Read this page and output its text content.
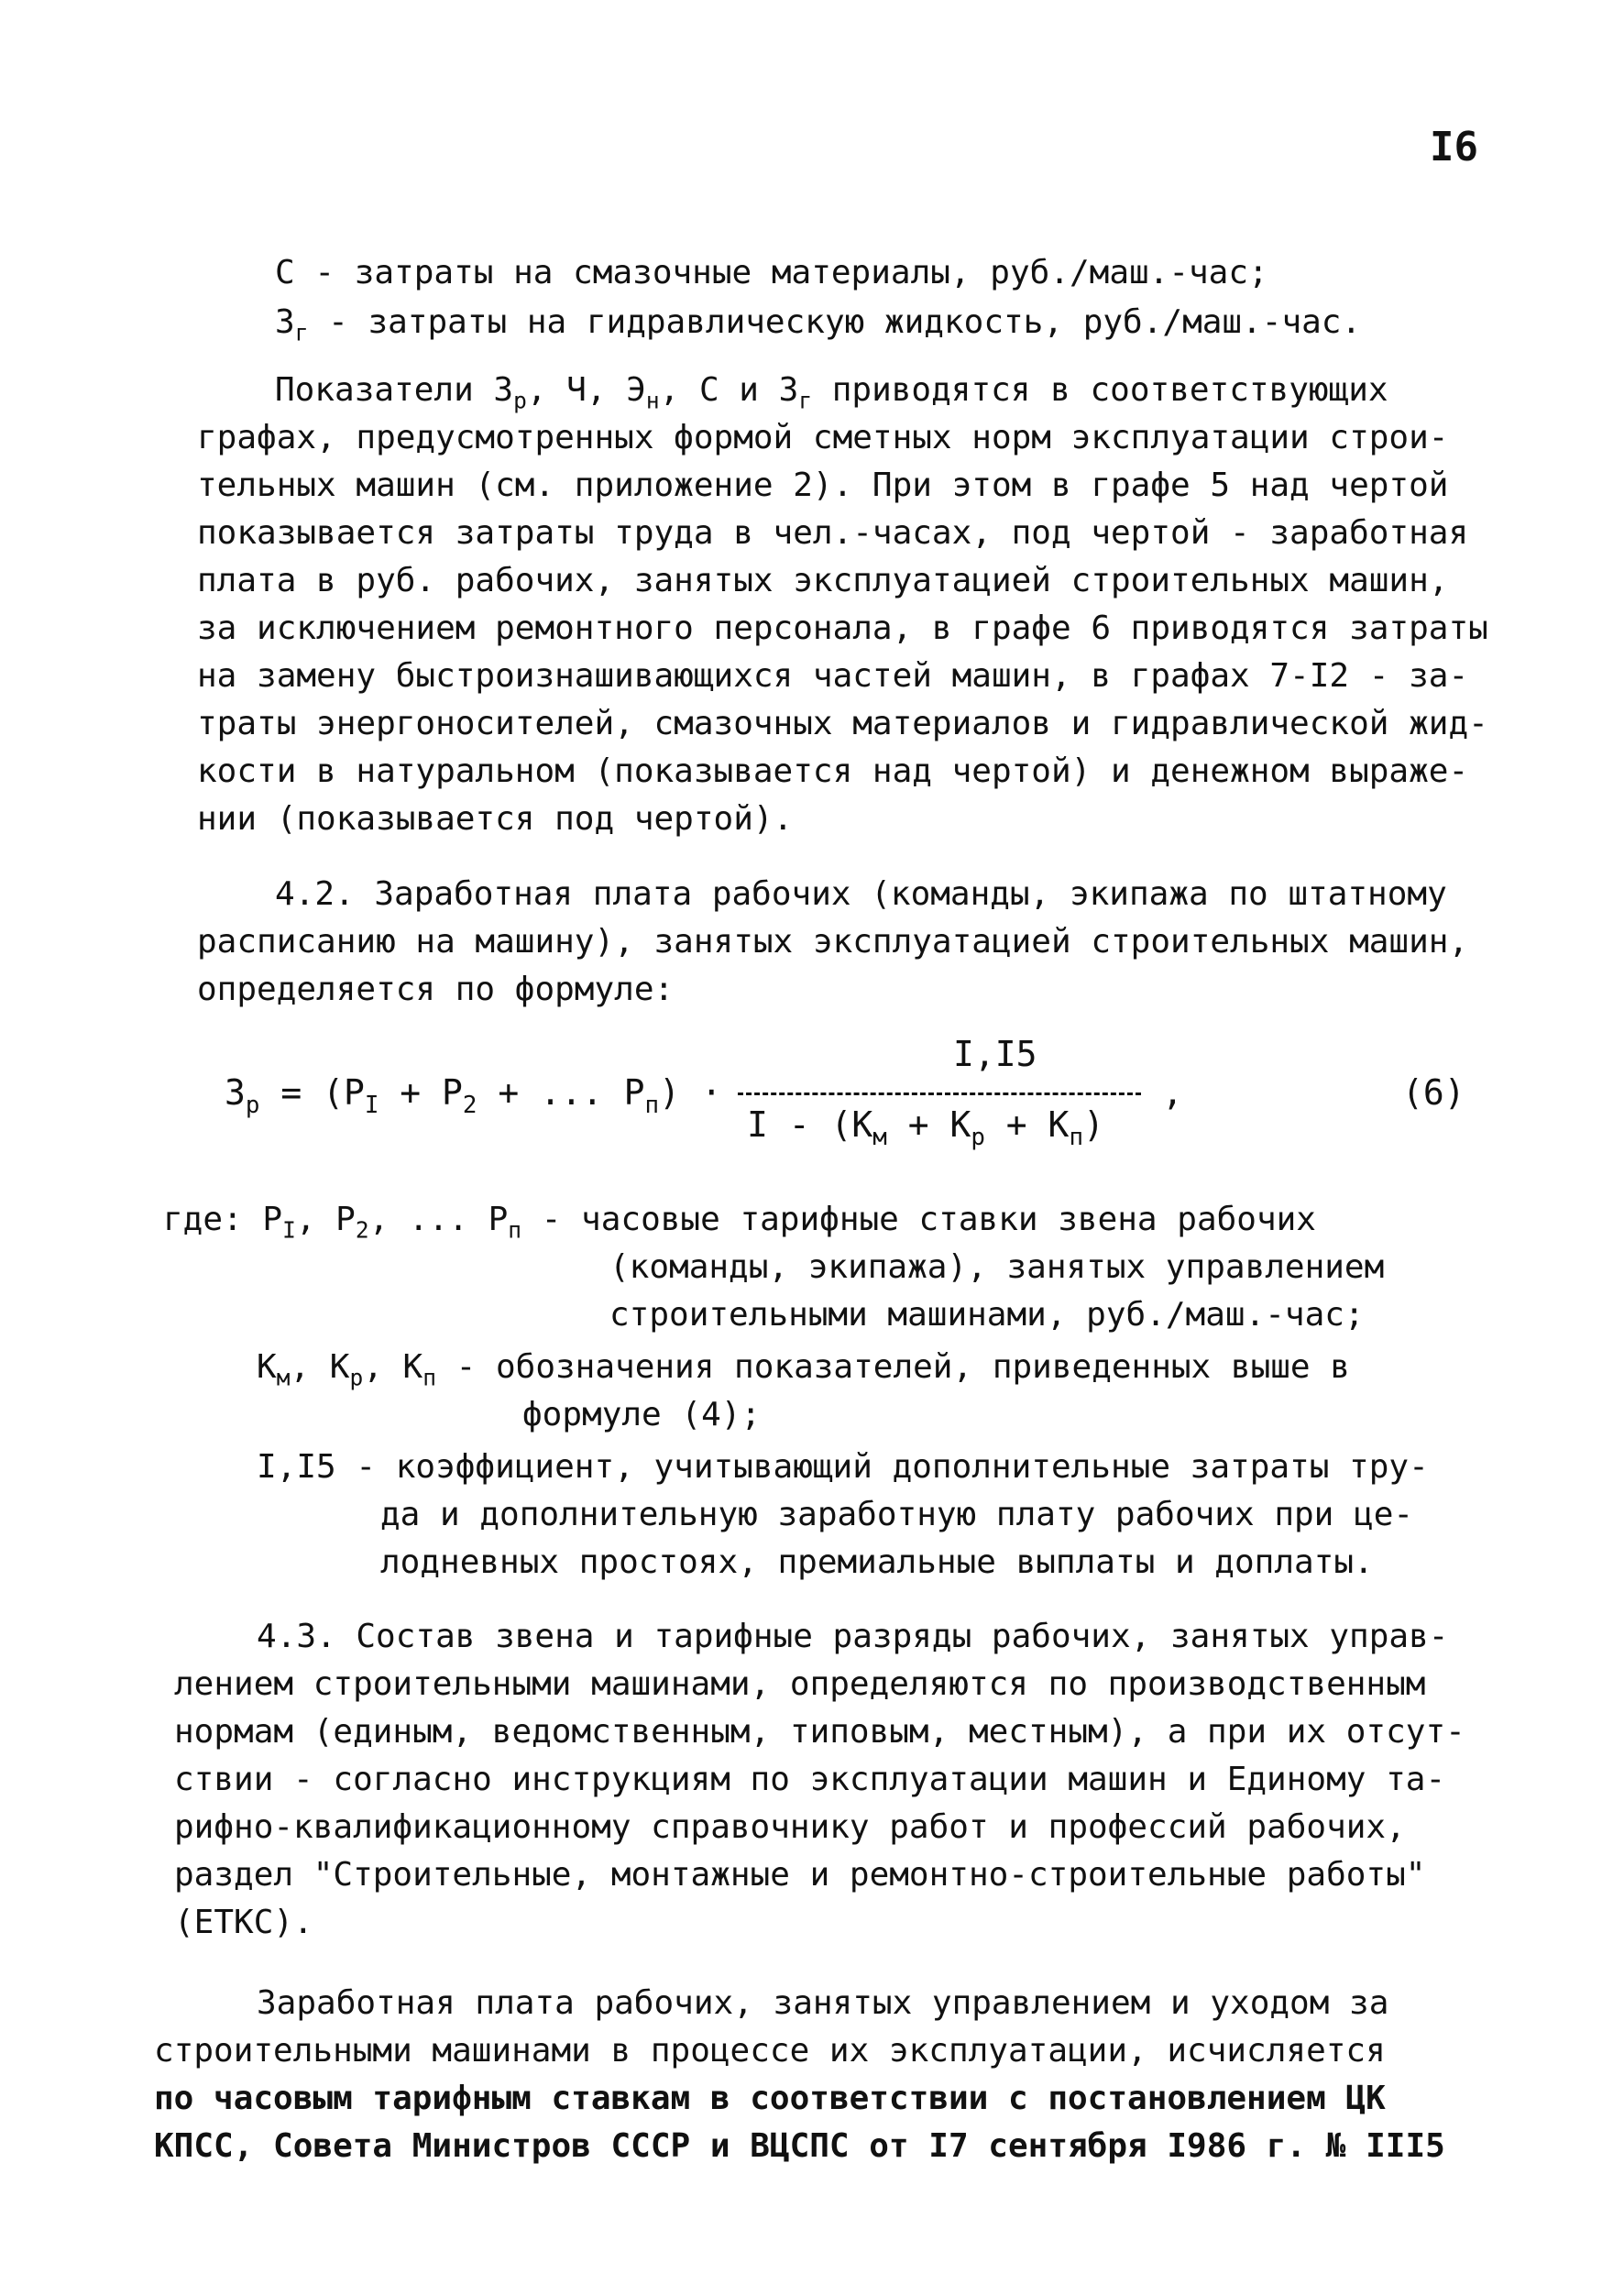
I6
С - затраты на смазочные материалы, руб./маш.-час;
$З_г$ - затраты на гидравлическую жидкость, руб./маш.-час.
Показатели $З_р$, Ч, $Э_н$, С и $З_г$ приводятся в соответствующих
графах, предусмотренных формой сметных норм эксплуатации строи-
тельных машин (см. приложение 2). При этом в графе 5 над чертой
показывается затраты труда в чел.-часах, под чертой - заработная
плата в руб. рабочих, занятых эксплуатацией строительных машин,
за исключением ремонтного персонала, в графе 6 приводятся затраты
на замену быстроизнашивающихся частей машин, в графах 7-I2 - за-
траты энергоносителей, смазочных материалов и гидравлической жид-
кости в натуральном (показывается над чертой) и денежном выраже-
нии (показывается под чертой).
4.2. Заработная плата рабочих (команды, экипажа по штатному
расписанию на машину), занятых эксплуатацией строительных машин,
определяется по формуле:
$З_р = (P_I + P_2$ + ... $P_п$) ·
I,I5
$I - (K_м + K_р + K_п)$
,	(6)
где: $P_I$, $P_2$, ... $P_п$ - часовые тарифные ставки звена рабочих
(команды, экипажа), занятых управлением
строительными машинами, руб./маш.-час;
$К_м$, $К_р$, $К_п$ - обозначения показателей, приведенных выше в
формуле (4);
I,I5 - коэффициент, учитывающий дополнительные затраты тру-
да и дополнительную заработную плату рабочих при це-
лодневных простоях, премиальные выплаты и доплаты.
4.3. Состав звена и тарифные разряды рабочих, занятых управ-
лением строительными машинами, определяются по производственным
нормам (единым, ведомственным, типовым, местным), а при их отсут-
ствии - согласно инструкциям по эксплуатации машин и Единому та-
рифно-квалификационному справочнику работ и профессий рабочих,
раздел "Строительные, монтажные и ремонтно-строительные работы"
(ЕТКС).
Заработная плата рабочих, занятых управлением и уходом за
строительными машинами в процессе их эксплуатации, исчисляется
по часовым тарифным ставкам в соответствии с постановлением ЦК
КПСС, Совета Министров СССР и ВЦСПС от I7 сентября I986 г. № III5
